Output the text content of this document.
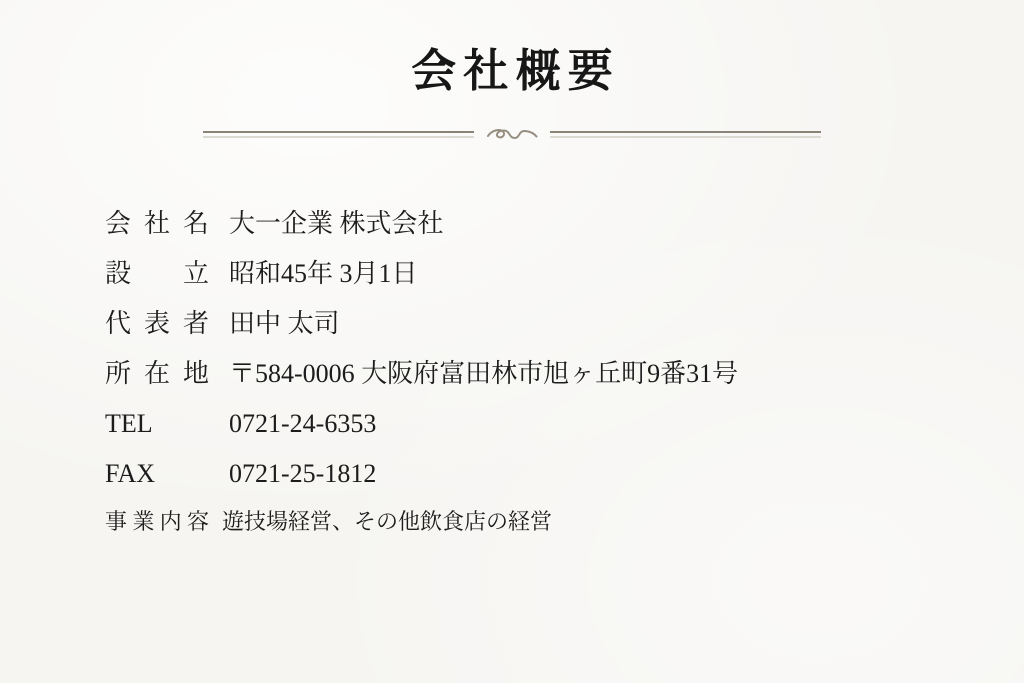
会社概要
会社名 大一企業 株式会社
設立 昭和45年 3月1日
代表者 田中 太司
所在地 〒584-0006 大阪府富田林市旭ヶ丘町9番31号
TEL	0721-24-6353
FAX	0721-25-1812
事業内容 遊技場経営、その他飲食店の経営
